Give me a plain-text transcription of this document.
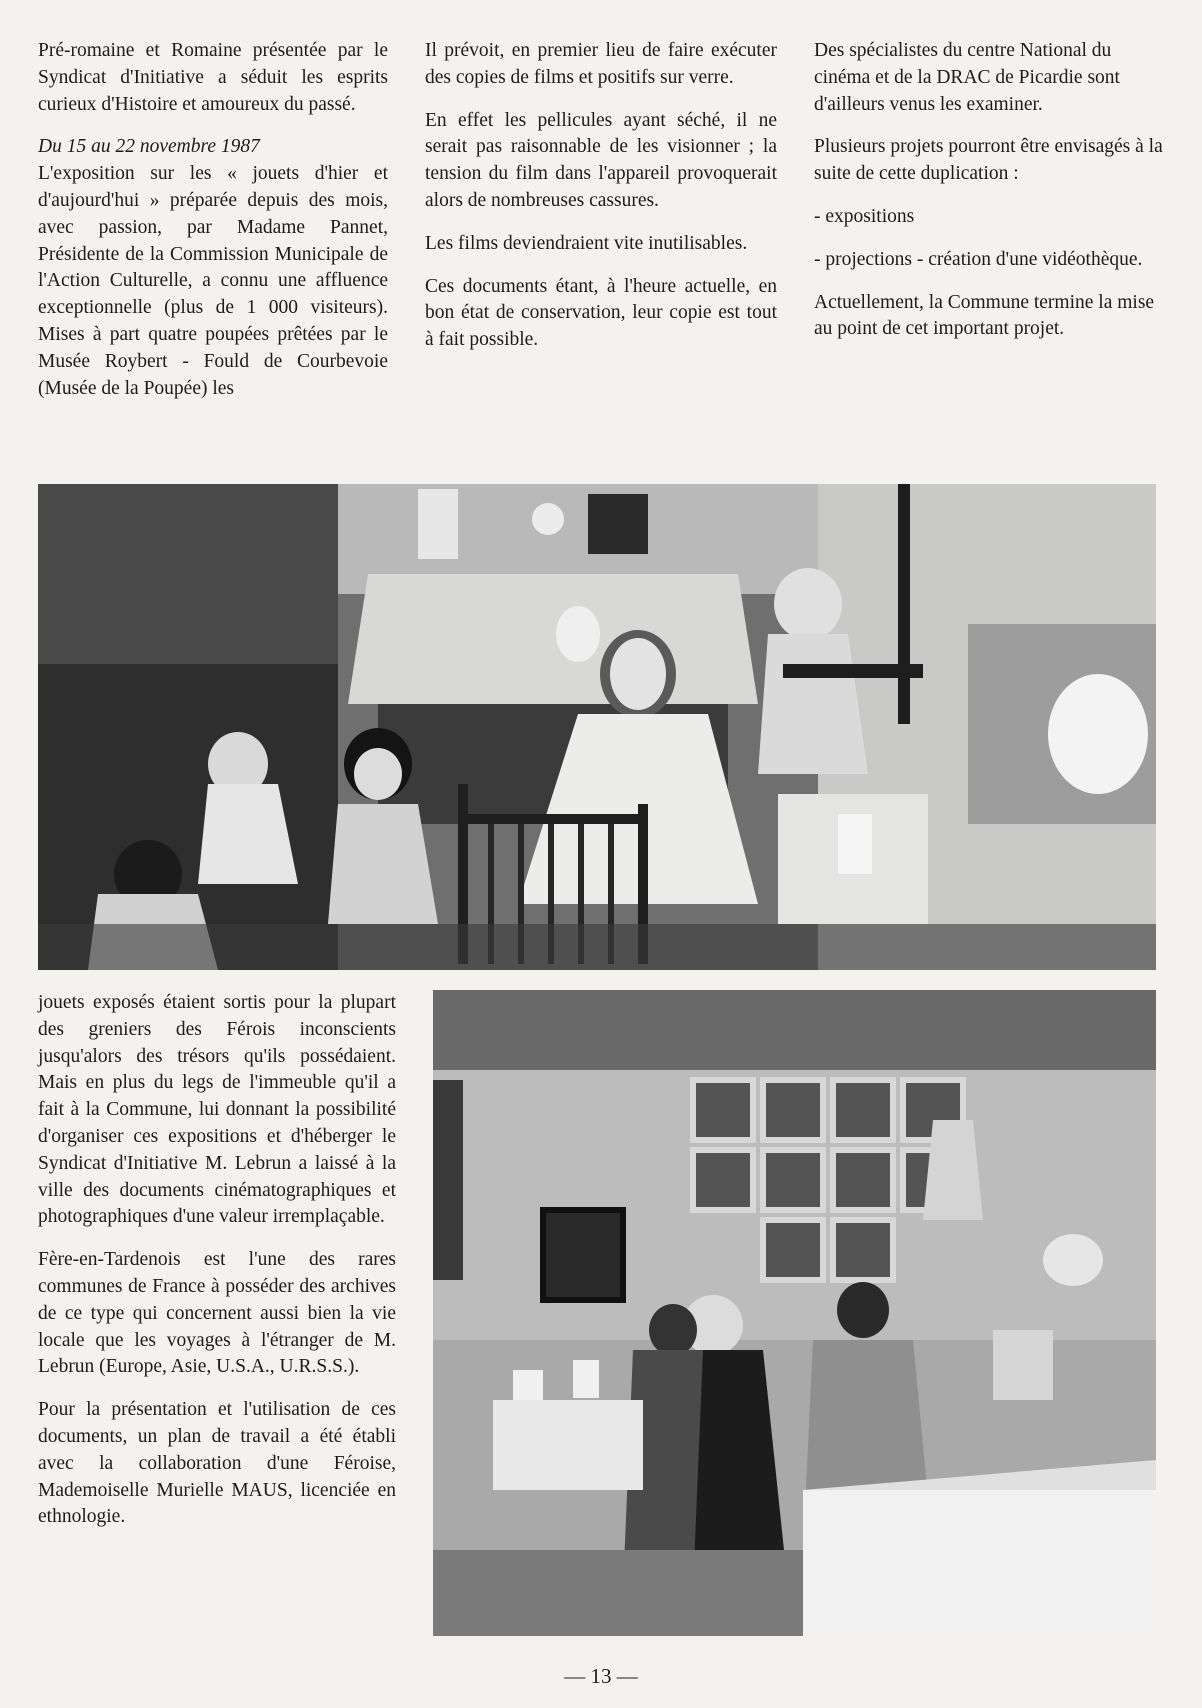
Pré-romaine et Romaine présentée par le Syndicat d'Initiative a séduit les esprits curieux d'Histoire et amoureux du passé.

Du 15 au 22 novembre 1987

L'exposition sur les « jouets d'hier et d'aujourd'hui » préparée depuis des mois, avec passion, par Madame Pannet, Présidente de la Commission Municipale de l'Action Culturelle, a connu une affluence exceptionnelle (plus de 1 000 visiteurs). Mises à part quatre poupées prêtées par le Musée Roybert - Fould de Courbevoie (Musée de la Poupée) les

Il prévoit, en premier lieu de faire exécuter des copies de films et positifs sur verre.

En effet les pellicules ayant séché, il ne serait pas raisonnable de les visionner ; la tension du film dans l'appareil provoquerait alors de nombreuses cassures.

Les films deviendraient vite inutilisables.

Ces documents étant, à l'heure actuelle, en bon état de conservation, leur copie est tout à fait possible.

Des spécialistes du centre National du cinéma et de la DRAC de Picardie sont d'ailleurs venus les examiner.

Plusieurs projets pourront être envisagés à la suite de cette duplication :

- expositions

- projections - création d'une vidéothèque.

Actuellement, la Commune termine la mise au point de cet important projet.

jouets exposés étaient sortis pour la plupart des greniers des Férois inconscients jusqu'alors des trésors qu'ils possédaient. Mais en plus du legs de l'immeuble qu'il a fait à la Commune, lui donnant la possibilité d'organiser ces expositions et d'héberger le Syndicat d'Initiative M. Lebrun a laissé à la ville des documents cinématographiques et photographiques d'une valeur irremplaçable.

Fère-en-Tardenois est l'une des rares communes de France à posséder des archives de ce type qui concernent aussi bien la vie locale que les voyages à l'étranger de M. Lebrun (Europe, Asie, U.S.A., U.R.S.S.).

Pour la présentation et l'utilisation de ces documents, un plan de travail a été établi avec la collaboration d'une Féroise, Mademoiselle Murielle MAUS, licenciée en ethnologie.

— 13 —
